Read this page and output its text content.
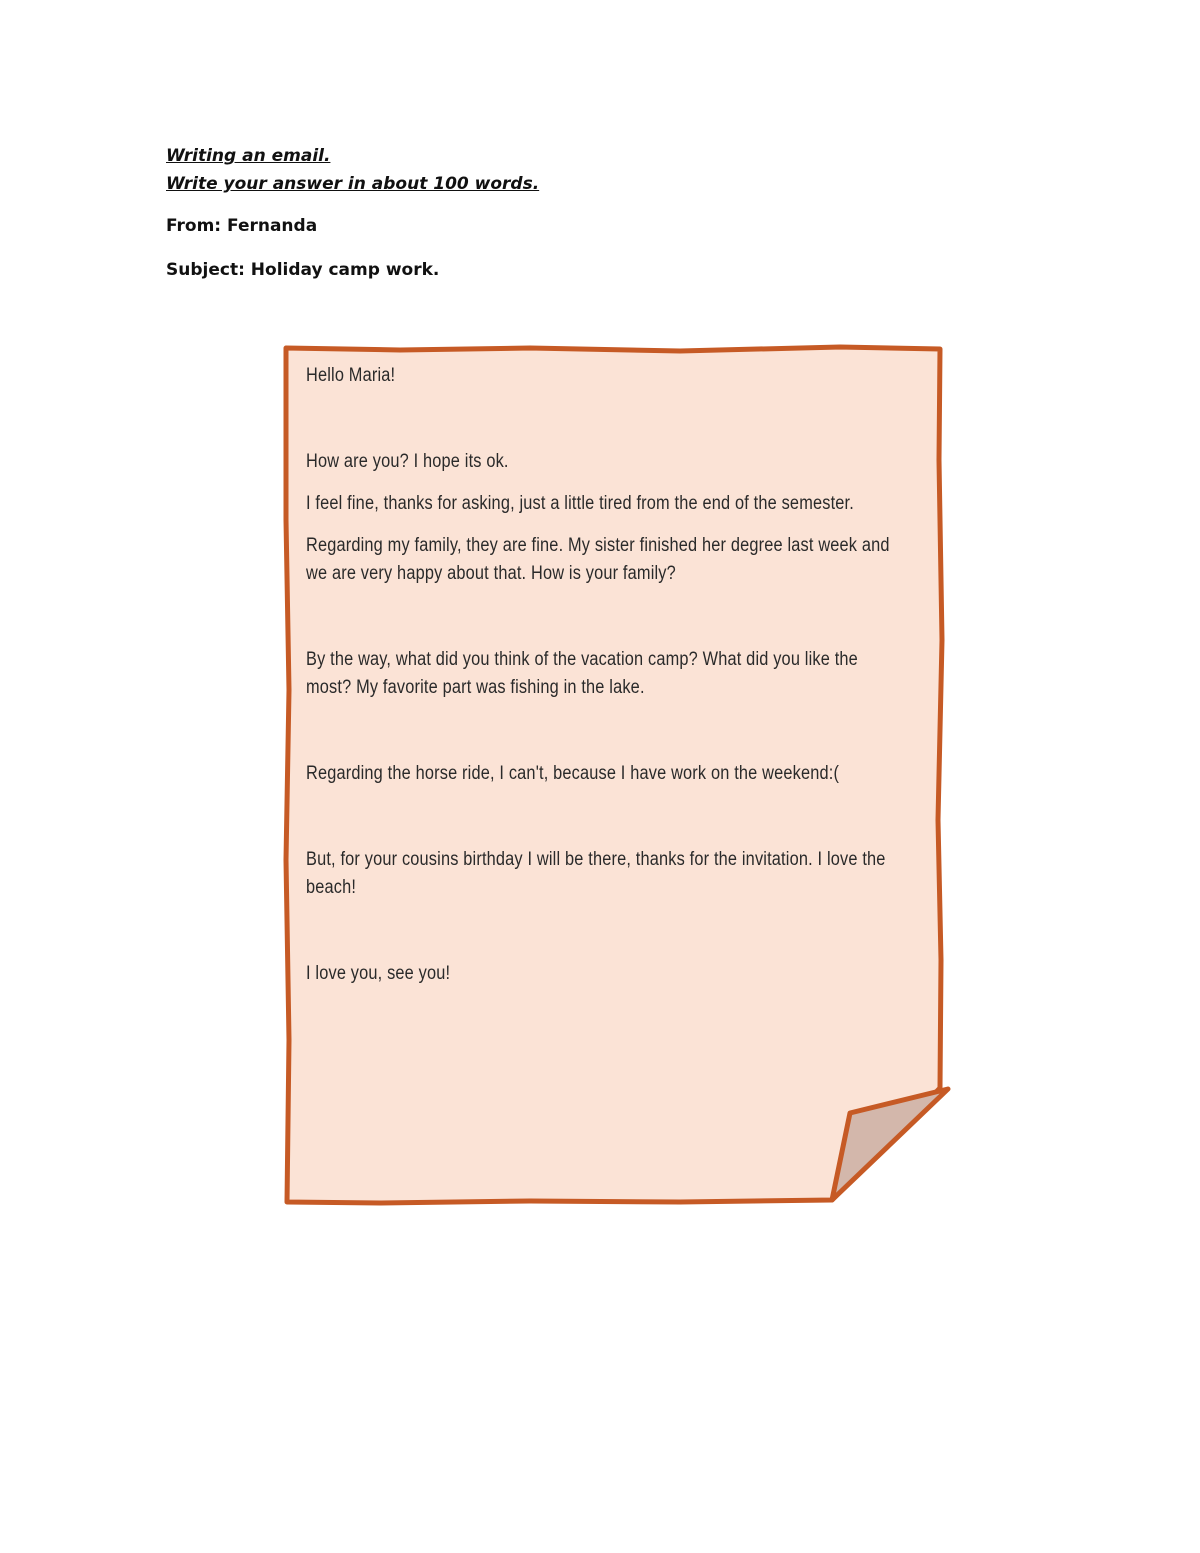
Writing an email.

Write your answer in about 100 words.

From: Fernanda

Subject: Holiday camp work.

Hello Maria!

How are you? I hope its ok.

I feel fine, thanks for asking, just a little tired from the end of the semester.

Regarding my family, they are fine. My sister finished her degree last week and we are very happy about that. How is your family?

By the way, what did you think of the vacation camp? What did you like the most? My favorite part was fishing in the lake.

Regarding the horse ride, I can't, because I have work on the weekend:(

But, for your cousins birthday I will be there, thanks for the invitation. I love the beach!

I love you, see you!
